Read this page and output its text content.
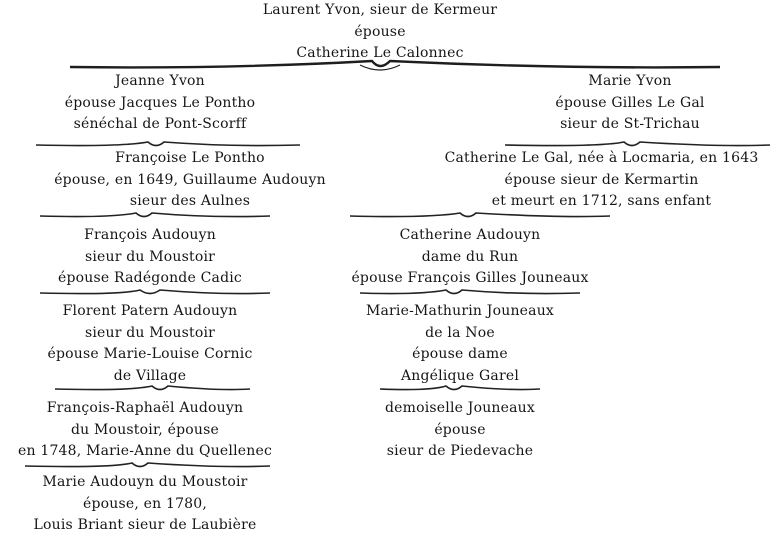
Laurent Yvon, sieur de Kermeur
épouse
Catherine Le Calonnec
Jeanne Yvon
épouse Jacques Le Pontho
sénéchal de Pont-Scorff
Françoise Le Pontho
épouse, en 1649, Guillaume Audouyn
sieur des Aulnes
François Audouyn
sieur du Moustoir
épouse Radégonde Cadic
Florent Patern Audouyn
sieur du Moustoir
épouse Marie-Louise Cornic
de Village
François-Raphaël Audouyn
du Moustoir, épouse
en 1748, Marie-Anne du Quellenec
Marie Audouyn du Moustoir
épouse, en 1780,
Louis Briant sieur de Laubière
Marie Yvon
épouse Gilles Le Gal
sieur de St-Trichau
Catherine Le Gal, née à Locmaria, en 1643
épouse sieur de Kermartin
et meurt en 1712, sans enfant
Catherine Audouyn
dame du Run
épouse François Gilles Jouneaux
Marie-Mathurin Jouneaux
de la Noe
épouse dame
Angélique Garel
demoiselle Jouneaux
épouse
sieur de Piedevache
